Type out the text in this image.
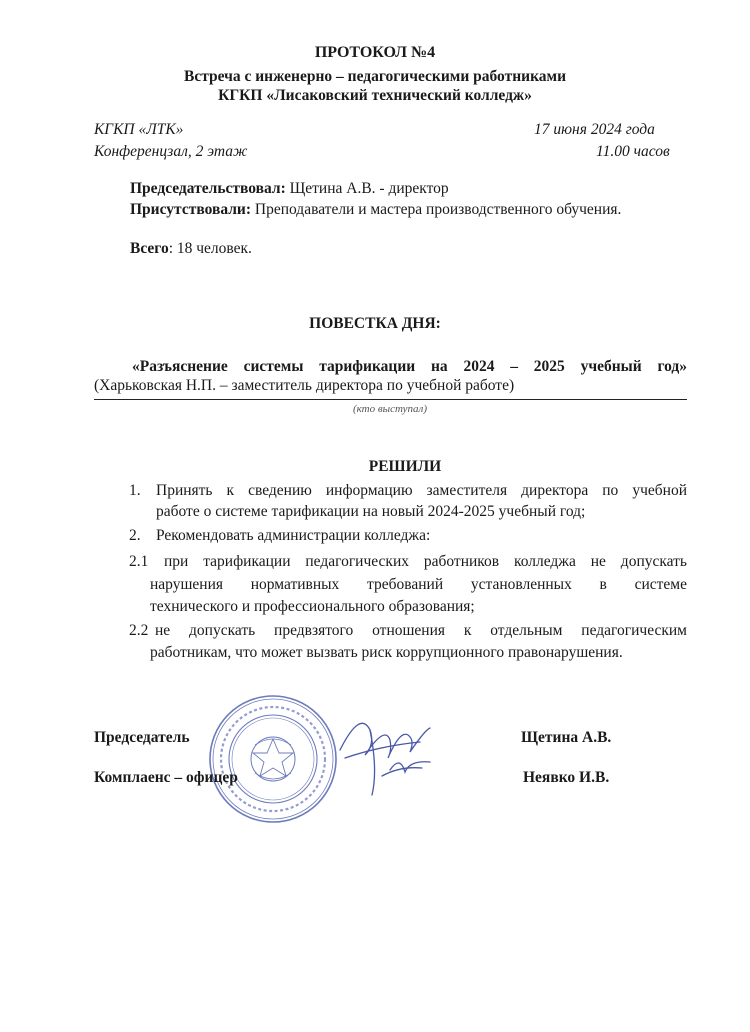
ПРОТОКОЛ №4
Встреча с инженерно – педагогическими работниками
КГКП «Лисаковский технический колледж»
КГКП «ЛТК»	17 июня 2024 года
Конференцзал, 2 этаж	11.00 часов
Председательствовал: Щетина А.В. - директор
Присутствовали: Преподаватели и мастера производственного обучения.
Всего: 18 человек.
ПОВЕСТКА ДНЯ:
«Разъяснение системы тарификации на 2024 – 2025 учебный год»
(Харьковская Н.П. – заместитель директора по учебной работе)
(кто выступал)
РЕШИЛИ
1. Принять к сведению информацию заместителя директора по учебной
работе о системе тарификации на новый 2024-2025 учебный год;
2. Рекомендовать администрации колледжа:
2.1 при тарификации педагогических работников колледжа не допускать
нарушения нормативных требований установленных в системе
технического и профессионального образования;
2.2 не допускать предвзятого отношения к отдельным педагогическим
работникам, что может вызвать риск коррупционного правонарушения.
Председатель	Щетина А.В.
Комплаенс – офицер	Неявко И.В.
